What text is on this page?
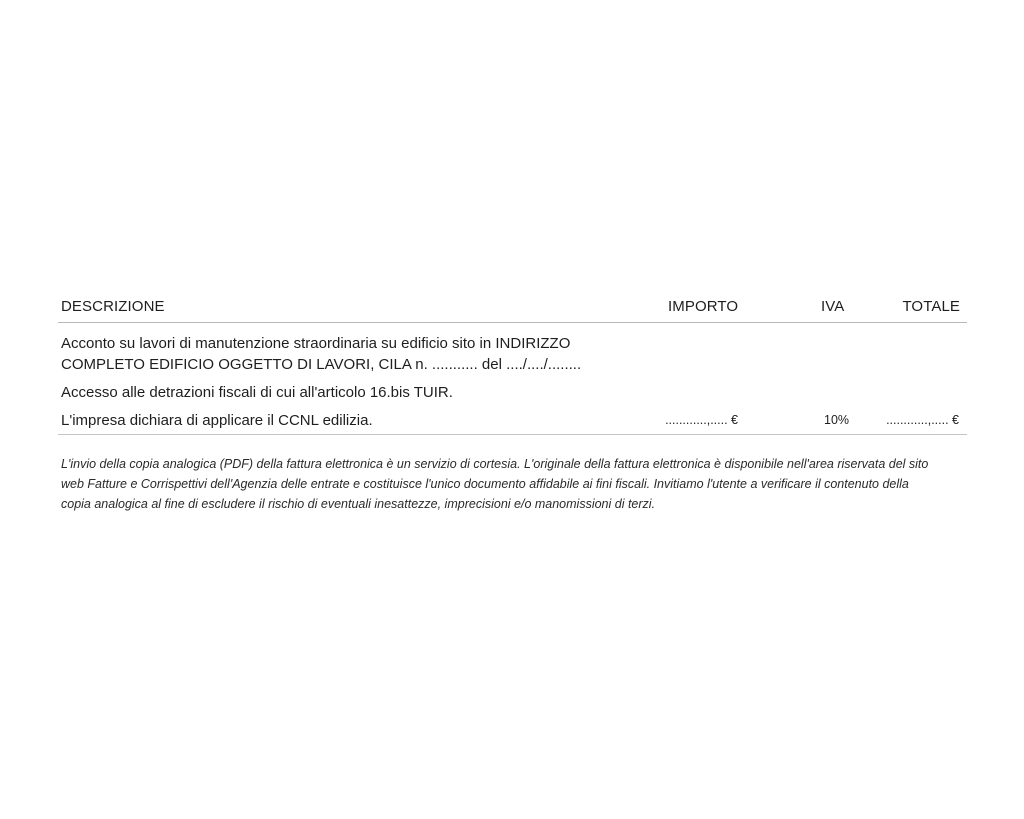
DESCRIZIONE	IMPORTO	IVA	TOTALE

Acconto su lavori di manutenzione straordinaria su edificio sito in INDIRIZZO COMPLETO EDIFICIO OGGETTO DI LAVORI, CILA n. ........... del ..../..../........

Accesso alle detrazioni fiscali di cui all'articolo 16.bis TUIR.

L'impresa dichiara di applicare il CCNL edilizia.	............,..... €	10%	............,..... €

L'invio della copia analogica (PDF) della fattura elettronica è un servizio di cortesia. L'originale della fattura elettronica è disponibile nell'area riservata del sito web Fatture e Corrispettivi dell'Agenzia delle entrate e costituisce l'unico documento affidabile ai fini fiscali. Invitiamo l'utente a verificare il contenuto della copia analogica al fine di escludere il rischio di eventuali inesattezze, imprecisioni e/o manomissioni di terzi.
